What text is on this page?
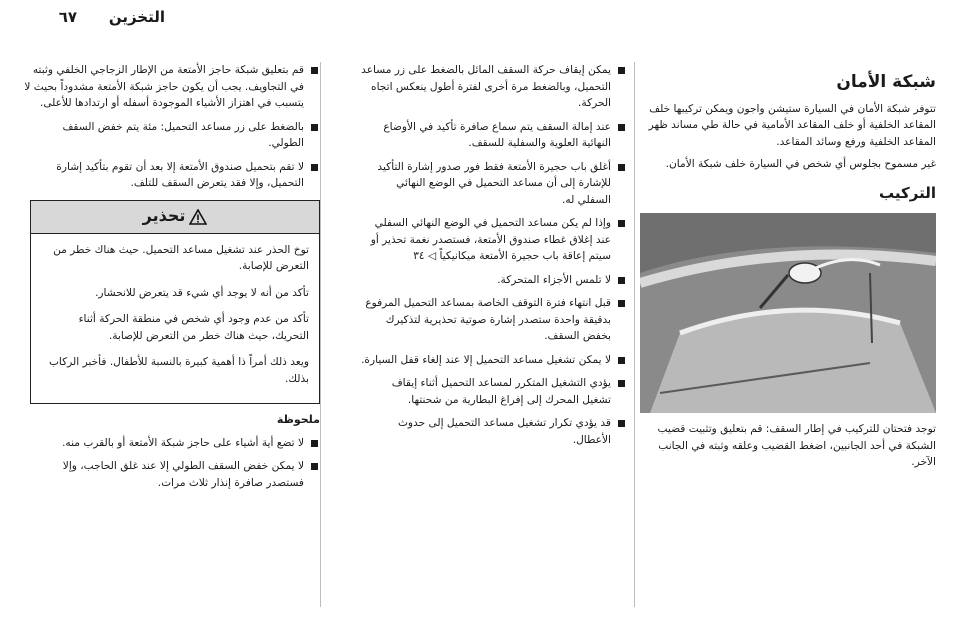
التخزين
٦٧
قم بتعليق شبكة حاجز الأمتعة من الإطار الزجاجي الخلفي وثبته في التجاويف. يجب أن يكون حاجز شبكة الأمتعة مشدوداً بحيث لا يتسبب في اهتزاز الأشياء الموجودة أسفله أو ارتدادها للأعلى.
بالضغط على زر مساعد التحميل: مئة يتم خفض السقف الطولي.
لا تقم بتحميل صندوق الأمتعة إلا بعد أن تقوم بتأكيد إشارة التحميل، وإلا فقد يتعرض السقف للتلف.
تحذير

توخ الحذر عند تشغيل مساعد التحميل. حيث هناك خطر من التعرض للإصابة.

تأكد من أنه لا يوجد أي شيء قد يتعرض للانحشار.

تأكد من عدم وجود أي شخص في منطقة الحركة أثناء التحريك، حيث هناك خطر من التعرض للإصابة.

ويعد ذلك أمراً ذا أهمية كبيرة بالنسبة للأطفال. فأخبر الركاب بذلك.

ملحوظة
لا تضع أية أشياء على حاجز شبكة الأمتعة أو بالقرب منه.
لا يمكن خفض السقف الطولي إلا عند غلق الحاجب، وإلا فستصدر صافرة إنذار ثلاث مرات.
يمكن إيقاف حركة السقف المائل بالضغط على زر مساعد التحميل، وبالضغط مرة أخرى لفترة أطول ينعكس اتجاه الحركة.
عند إمالة السقف يتم سماع صافرة تأكيد في الأوضاع النهائية العلوية والسفلية للسقف.
أغلق باب حجيرة الأمتعة فقط فور صدور إشارة التأكيد للإشارة إلى أن مساعد التحميل في الوضع النهائي السفلي له.
وإذا لم يكن مساعد التحميل في الوضع النهائي السفلي عند إغلاق غطاء صندوق الأمتعة، فستصدر نغمة تحذير أو سيتم إعاقة باب حجيرة الأمتعة ميكانيكياً ◁ ٣٤
لا تلمس الأجزاء المتحركة.
قبل انتهاء فترة التوقف الخاصة بمساعد التحميل المرفوع بدقيقة واحدة ستصدر إشارة صوتية تحذيرية لتذكيرك بخفض السقف.
لا يمكن تشغيل مساعد التحميل إلا عند إلغاء قفل السيارة.
يؤدي التشغيل المتكرر لمساعد التحميل أثناء إيقاف تشغيل المحرك إلى إفراغ البطارية من شحنتها.
قد يؤدي تكرار تشغيل مساعد التحميل إلى حدوث الأعطال.
شبكة الأمان

تتوفر شبكة الأمان في السيارة ستيشن واجون ويمكن تركيبها خلف المقاعد الخلفية أو خلف المقاعد الأمامية في حالة طي مساند ظهر المقاعد الخلفية ورفع وسائد المقاعد.

غير مسموح بجلوس أي شخص في السيارة خلف شبكة الأمان.

التركيب
توجد فتحتان للتركيب في إطار السقف: قم بتعليق وتثبيت قضيب الشبكة في أحد الجانبين، اضغط القضيب وعلقه وثبته في الجانب الآخر.
